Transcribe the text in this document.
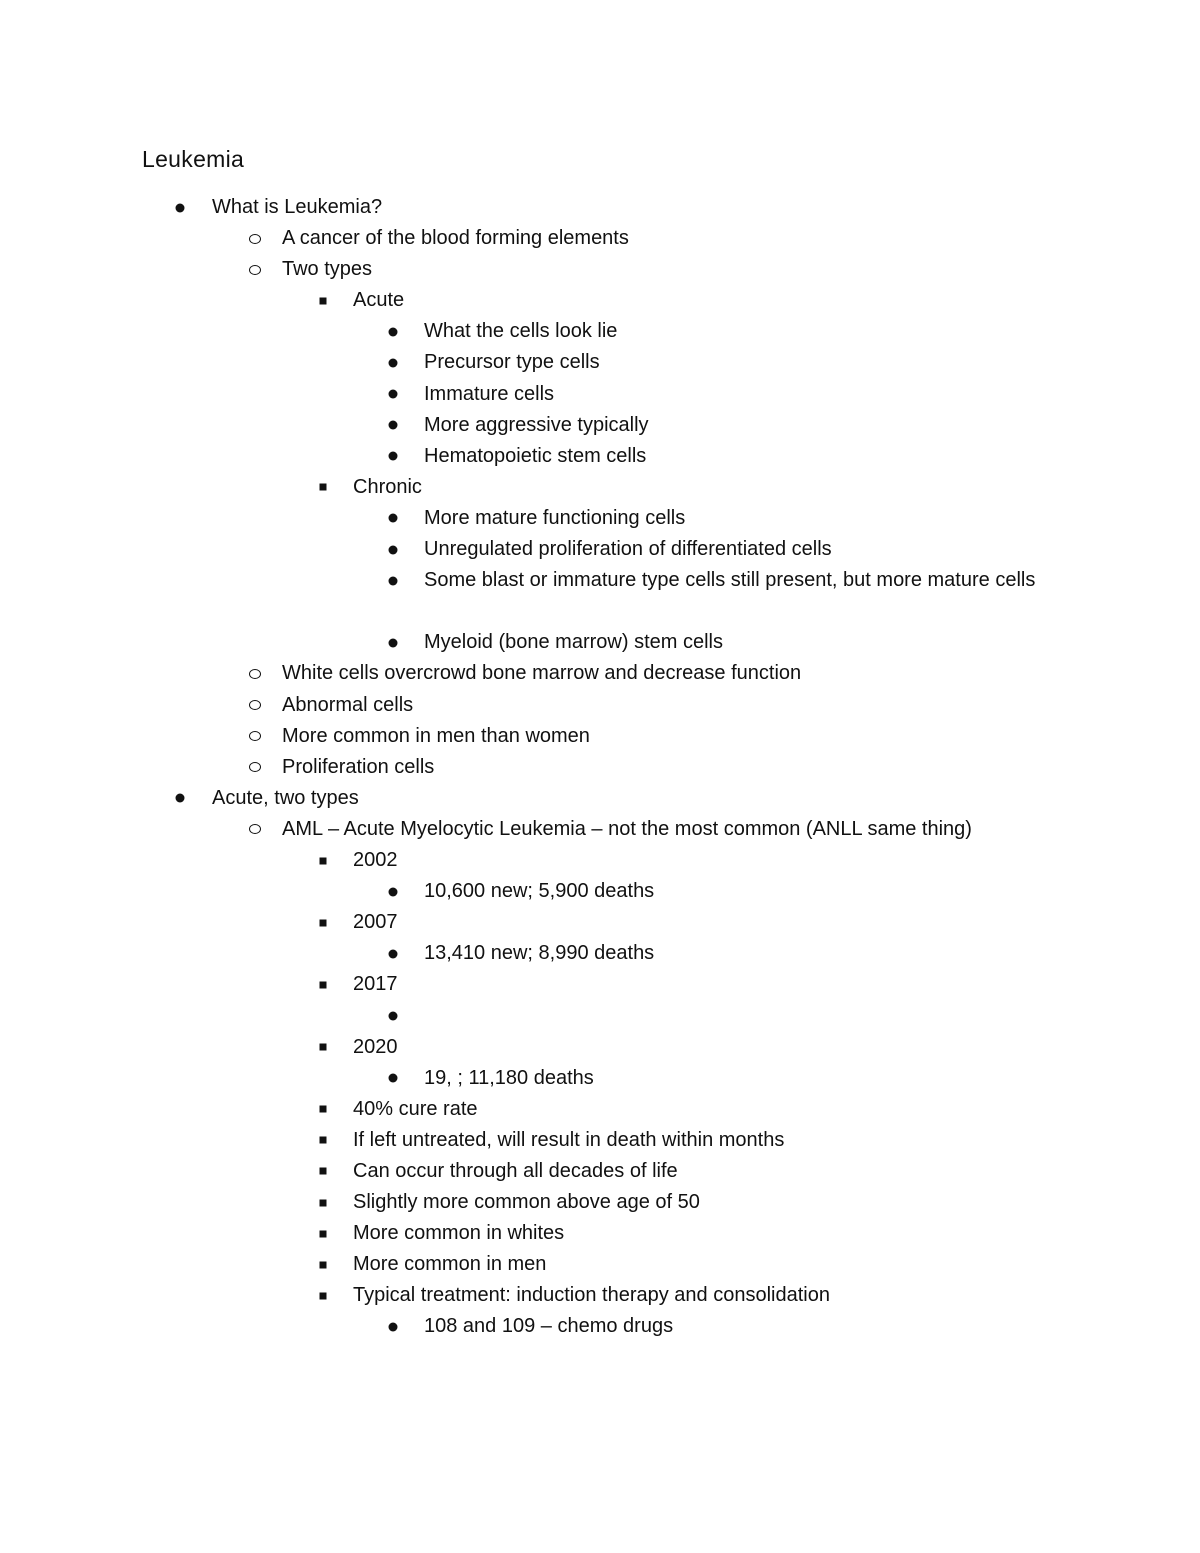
Leukemia
What is Leukemia?
A cancer of the blood forming elements
Two types
Acute
What the cells look lie
Precursor type cells
Immature cells
More aggressive typically
Hematopoietic stem cells
Chronic
More mature functioning cells
Unregulated proliferation of differentiated cells
Some blast or immature type cells still present, but more mature cells
Myeloid (bone marrow) stem cells
White cells overcrowd bone marrow and decrease function
Abnormal cells
More common in men than women
Proliferation cells
Acute, two types
AML – Acute Myelocytic Leukemia – not the most common (ANLL same thing)
2002
10,600 new; 5,900 deaths
2007
13,410 new; 8,990 deaths
2017
2020
19, ; 11,180 deaths
40% cure rate
If left untreated, will result in death within months
Can occur through all decades of life
Slightly more common above age of 50
More common in whites
More common in men
Typical treatment: induction therapy and consolidation
108 and 109 – chemo drugs
